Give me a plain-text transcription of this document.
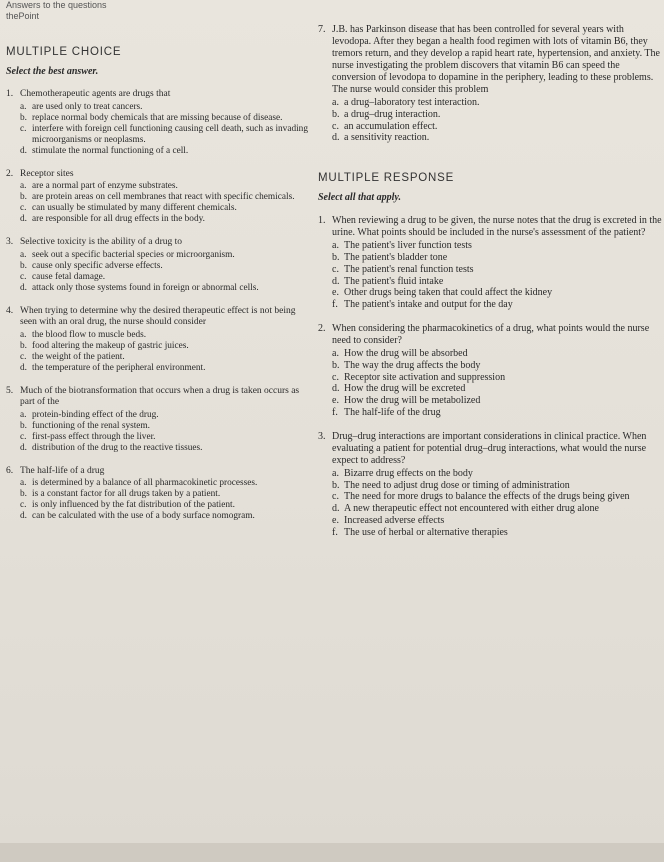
Answers to the questions
thePoint
MULTIPLE CHOICE
Select the best answer.
1. Chemotherapeutic agents are drugs that
a. are used only to treat cancers.
b. replace normal body chemicals that are missing because of disease.
c. interfere with foreign cell functioning causing cell death, such as invading microorganisms or neoplasms.
d. stimulate the normal functioning of a cell.
2. Receptor sites
a. are a normal part of enzyme substrates.
b. are protein areas on cell membranes that react with specific chemicals.
c. can usually be stimulated by many different chemicals.
d. are responsible for all drug effects in the body.
3. Selective toxicity is the ability of a drug to
a. seek out a specific bacterial species or microorganism.
b. cause only specific adverse effects.
c. cause fetal damage.
d. attack only those systems found in foreign or abnormal cells.
4. When trying to determine why the desired therapeutic effect is not being seen with an oral drug, the nurse should consider
a. the blood flow to muscle beds.
b. food altering the makeup of gastric juices.
c. the weight of the patient.
d. the temperature of the peripheral environment.
5. Much of the biotransformation that occurs when a drug is taken occurs as part of the
a. protein-binding effect of the drug.
b. functioning of the renal system.
c. first-pass effect through the liver.
d. distribution of the drug to the reactive tissues.
6. The half-life of a drug
a. is determined by a balance of all pharmacokinetic processes.
b. is a constant factor for all drugs taken by a patient.
c. is only influenced by the fat distribution of the patient.
d. can be calculated with the use of a body surface nomogram.
7. J.B. has Parkinson disease that has been controlled for several years with levodopa. After they began a health food regimen with lots of vitamin B6, they tremors return, and they develop a rapid heart rate, hypertension, and anxiety. The nurse investigating the problem discovers that vitamin B6 can speed the conversion of levodopa to dopamine in the periphery, leading to these problems. The nurse would consider this problem
a. a drug–laboratory test interaction.
b. a drug–drug interaction.
c. an accumulation effect.
d. a sensitivity reaction.
MULTIPLE RESPONSE
Select all that apply.
1. When reviewing a drug to be given, the nurse notes that the drug is excreted in the urine. What points should be included in the nurse's assessment of the patient?
a. The patient's liver function tests
b. The patient's bladder tone
c. The patient's renal function tests
d. The patient's fluid intake
e. Other drugs being taken that could affect the kidney
f. The patient's intake and output for the day
2. When considering the pharmacokinetics of a drug, what points would the nurse need to consider?
a. How the drug will be absorbed
b. The way the drug affects the body
c. Receptor site activation and suppression
d. How the drug will be excreted
e. How the drug will be metabolized
f. The half-life of the drug
3. Drug–drug interactions are important considerations in clinical practice. When evaluating a patient for potential drug–drug interactions, what would the nurse expect to address?
a. Bizarre drug effects on the body
b. The need to adjust drug dose or timing of administration
c. The need for more drugs to balance the effects of the drugs being given
d. A new therapeutic effect not encountered with either drug alone
e. Increased adverse effects
f. The use of herbal or alternative therapies
